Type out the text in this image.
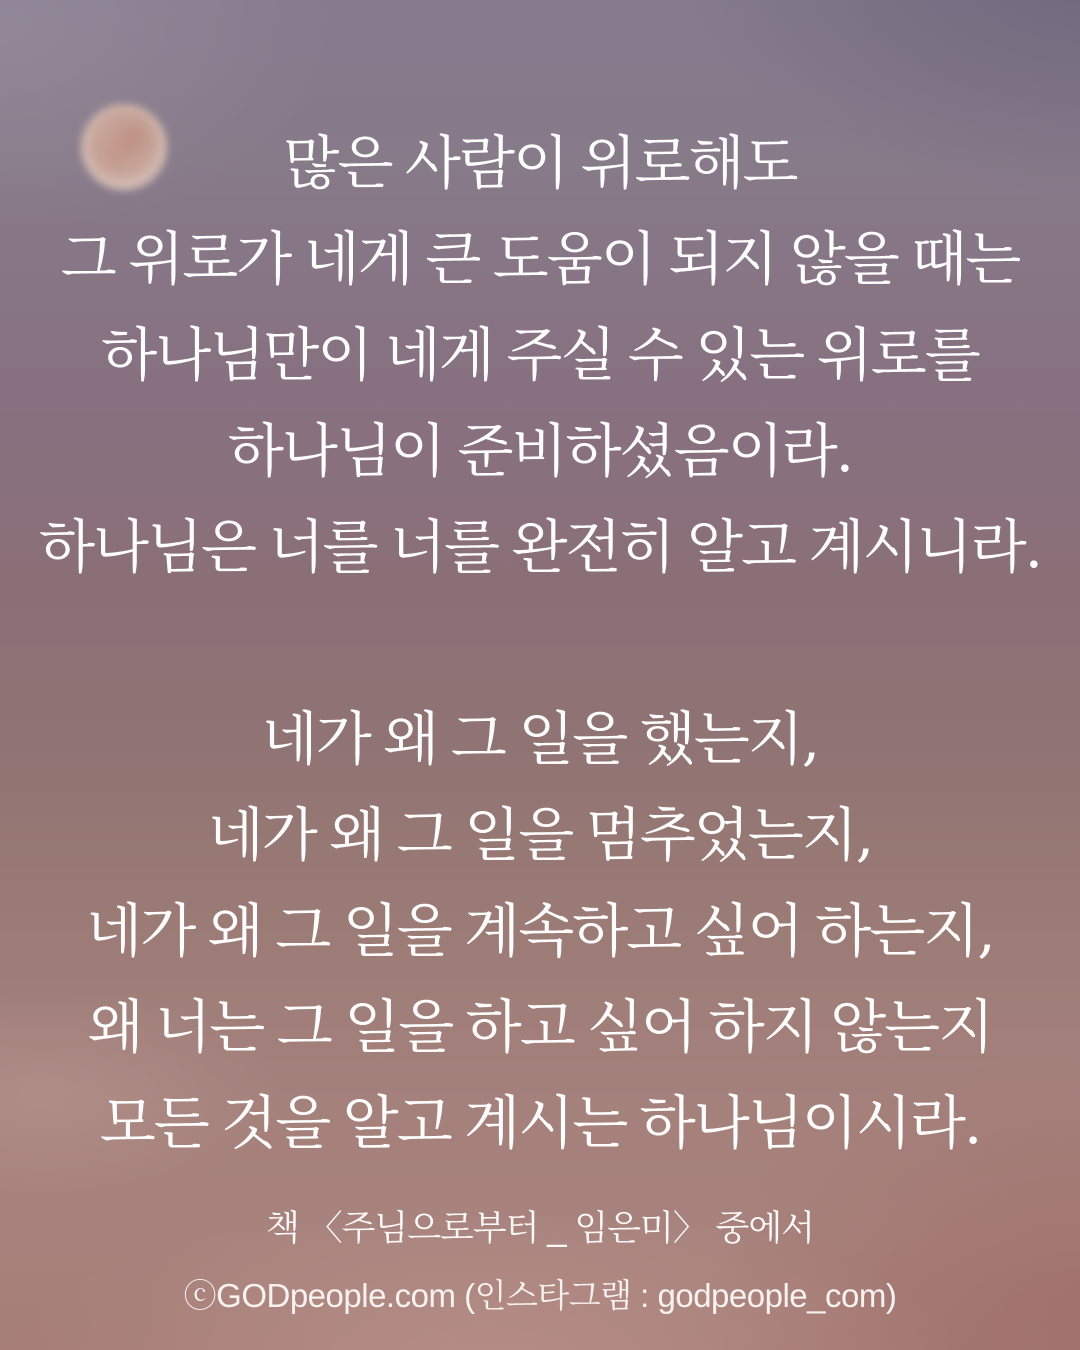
많은 사람이 위로해도
그 위로가 네게 큰 도움이 되지 않을 때는
하나님만이 네게 주실 수 있는 위로를
하나님이 준비하셨음이라.
하나님은 너를 너를 완전히 알고 계시니라.
네가 왜 그 일을 했는지,
네가 왜 그 일을 멈추었는지,
네가 왜 그 일을 계속하고 싶어 하는지,
왜 너는 그 일을 하고 싶어 하지 않는지
모든 것을 알고 계시는 하나님이시라.
책 〈주님으로부터 _ 임은미〉 중에서
ⓒGODpeople.com (인스타그램 : godpeople_com)
